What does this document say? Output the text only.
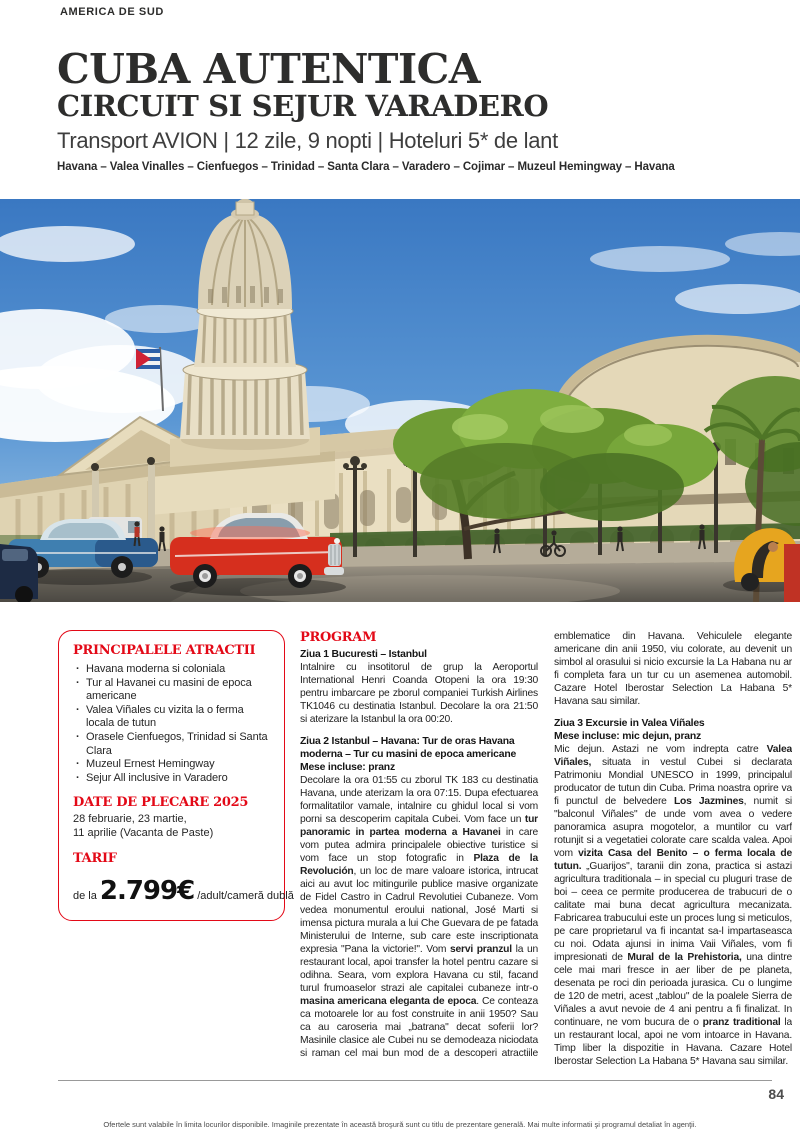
AMERICA DE SUD
CUBA AUTENTICA
CIRCUIT SI SEJUR VARADERO
Transport AVION | 12 zile, 9 nopti | Hoteluri 5* de lant
Havana – Valea Vinalles – Cienfuegos – Trinidad – Santa Clara – Varadero – Cojimar – Muzeul Hemingway – Havana
PRINCIPALELE ATRACTII
· Havana moderna si coloniala
· Tur al Havanei cu masini de epoca americane
· Valea Viñales cu vizita la o ferma locala de tutun
· Orasele Cienfuegos, Trinidad si Santa Clara
· Muzeul Ernest Hemingway
· Sejur All inclusive in Varadero
DATE DE PLECARE 2025
28 februarie, 23 martie,
11 aprilie (Vacanta de Paste)
TARIF
de la 2.799€ /adult/cameră dublă
PROGRAM
Ziua 1 Bucuresti – Istanbul

Intalnire cu insotitorul de grup la Aeroportul International Henri Coanda Otopeni la ora 19:30 pentru imbarcare pe zborul companiei Turkish Airlines TK1046 cu destinatia Istanbul. Decolare la ora 21:50 si aterizare la Istanbul la ora 00:20.

Ziua 2 Istanbul – Havana: Tur de oras Havana moderna – Tur cu masini de epoca americane
Mese incluse: pranz

Decolare la ora 01:55 cu zborul TK 183 cu destinatia Havana, unde aterizam la ora 07:15. Dupa efectuarea formalitatilor vamale, intalnire cu ghidul local si vom porni sa descoperim capitala Cubei. Vom face un tur panoramic in partea moderna a Havanei in care vom putea admira principalele obiective turistice si vom face un stop fotografic in Plaza de la Revolución, un loc de mare valoare istorica, intrucat aici au avut loc mitingurile publice masive organizate de Fidel Castro in Cadrul Revolutiei Cubaneze. Vom vedea monumentul eroului national, José Marti si imensa pictura murala a lui Che Guevara de pe fatada Ministerului de Interne, sub care este inscriptionata expresia "Pana la victorie!". Vom servi pranzul la un restaurant local, apoi transfer la hotel pentru cazare si odihna. Seara, vom explora Havana cu stil, facand turul frumoaselor strazi ale capitalei cubaneze intr-o masina americana eleganta de epoca. Ce conteaza ca motoarele lor au fost construite in anii 1950? Sau ca au caroseria mai „batrana" decat soferii lor? Masinile clasice ale Cubei nu se demodeaza niciodata si raman cel mai bun mod de a descoperi atractiile emblematice din Havana. Vehiculele elegante americane din anii 1950, viu colorate, au devenit un simbol al orasului si nicio excursie la La Habana nu ar fi completa fara un tur cu un asemenea automobil. Cazare Hotel Iberostar Selection La Habana 5* Havana sau similar.

Ziua 3 Excursie in Valea Viñales
Mese incluse: mic dejun, pranz

Mic dejun. Astazi ne vom indrepta catre Valea Viñales, situata in vestul Cubei si declarata Patrimoniu Mondial UNESCO in 1999, principalul producator de tutun din Cuba. Prima noastra oprire va fi punctul de belvedere Los Jazmines, numit si "balconul Viñales" de unde vom avea o vedere panoramica asupra mogotelor, a muntilor cu varf rotunjit si a vegetatiei colorate care scalda valea. Apoi vom vizita Casa del Benito – o ferma locala de tutun. „Guarijos", taranii din zona, practica si astazi agricultura traditionala – in special cu pluguri trase de boi – ceea ce permite producerea de trabucuri de o calitate mai buna decat agricultura mecanizata. Fabricarea trabucului este un proces lung si meticulos, pe care proprietarul va fi incantat sa-l impartaseasca cu noi. Odata ajunsi in inima Vaii Viñales, vom fi impresionati de Mural de la Prehistoria, una dintre cele mai mari fresce in aer liber de pe planeta, desenata pe roci din perioada jurasica. Cu o lungime de 120 de metri, acest „tablou" de la poalele Sierra de Viñales a avut nevoie de 4 ani pentru a fi finalizat. In continuare, ne vom bucura de o pranz traditional la un restaurant local, apoi ne vom intoarce in Havana. Timp liber la dispozitie in Havana. Cazare Hotel Iberostar Selection La Habana 5* Havana sau similar.

84
Ofertele sunt valabile în limita locurilor disponibile. Imaginile prezentate în această broşură sunt cu titlu de prezentare generală. Mai multe informatii şi programul detaliat în agenţii.
